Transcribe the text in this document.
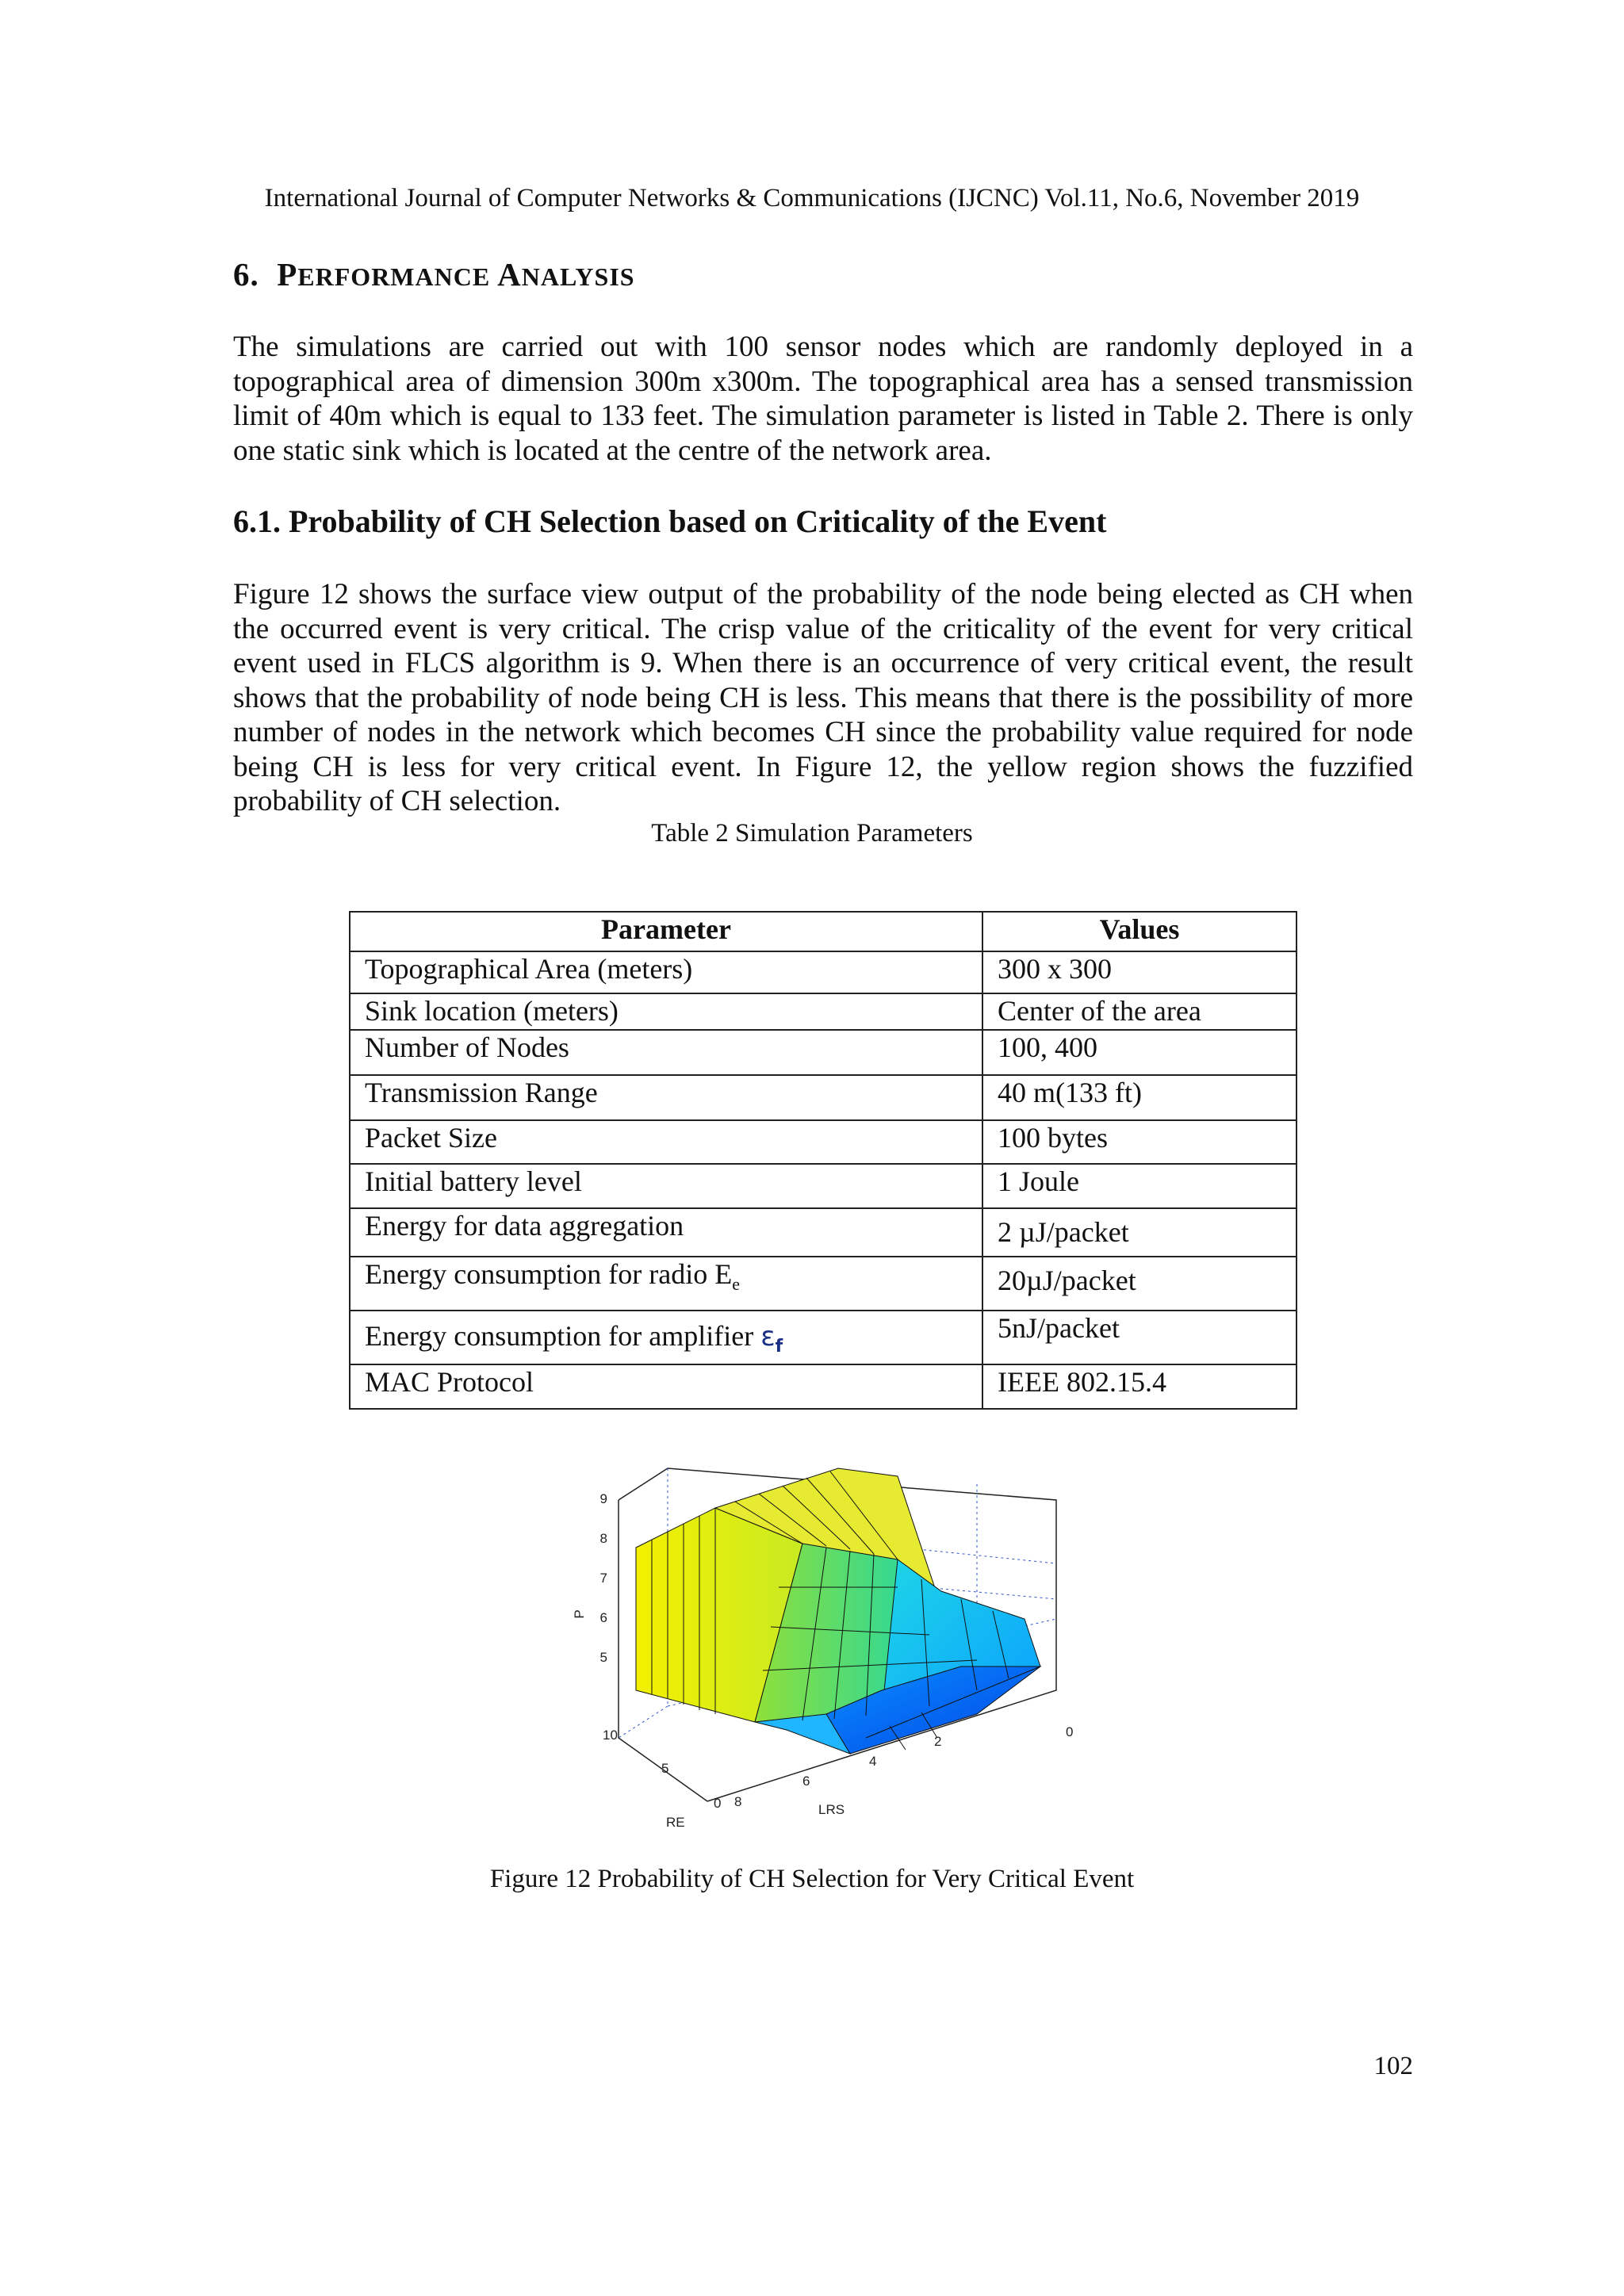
International Journal of Computer Networks & Communications (IJCNC) Vol.11, No.6, November 2019
6. PERFORMANCE ANALYSIS
The simulations are carried out with 100 sensor nodes which are randomly deployed in a topographical area of dimension 300m x300m. The topographical area has a sensed transmission limit of 40m which is equal to 133 feet. The simulation parameter is listed in Table 2. There is only one static sink which is located at the centre of the network area.
6.1. Probability of CH Selection based on Criticality of the Event
Figure 12 shows the surface view output of the probability of the node being elected as CH when the occurred event is very critical. The crisp value of the criticality of the event for very critical event used in FLCS algorithm is 9. When there is an occurrence of very critical event, the result shows that the probability of node being CH is less. This means that there is the possibility of more number of nodes in the network which becomes CH since the probability value required for node being CH is less for very critical event. In Figure 12, the yellow region shows the fuzzified probability of CH selection.
Table 2 Simulation Parameters
Parameter	Values
Topographical Area (meters)	300 x 300
Sink location (meters)	Center of the area
Number of Nodes	100, 400
Transmission Range	40 m(133 ft)
Packet Size	100 bytes
Initial battery level	1 Joule
Energy for data aggregation	2 µJ/packet
Energy consumption for radio $E_e$	20µJ/packet
Energy consumption for amplifier $\varepsilon_f$	5nJ/packet
MAC Protocol	IEEE 802.15.4
9
8
7
6
5
P
10
5
0
RE
8
6
4
2
0
LRS
Figure 12 Probability of CH Selection for Very Critical Event
102
